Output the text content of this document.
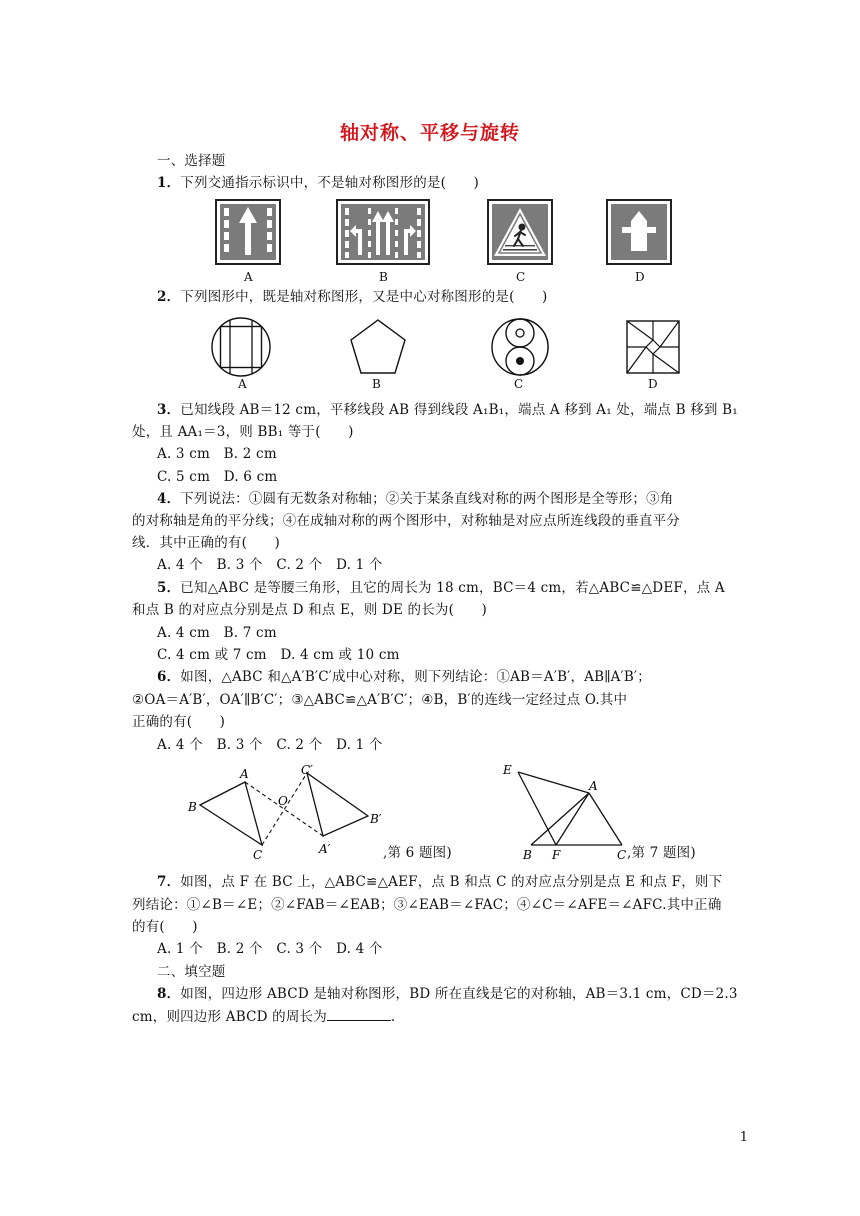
轴对称、平移与旋转
一、选择题
1．下列交通指示标识中，不是轴对称图形的是(　　)
A	B	C	D
2．下列图形中，既是轴对称图形，又是中心对称图形的是(　　)
A	B	C	D
3．已知线段 AB＝12 cm，平移线段 AB 得到线段 A₁B₁，端点 A 移到 A₁ 处，端点 B 移到 B₁
处，且 AA₁＝3，则 BB₁ 等于(　　)
A. 3 cm　B. 2 cm
C. 5 cm　D. 6 cm
4．下列说法：①圆有无数条对称轴；②关于某条直线对称的两个图形是全等形；③角
的对称轴是角的平分线；④在成轴对称的两个图形中，对称轴是对应点所连线段的垂直平分
线．其中正确的有(　　)
A. 4 个　B. 3 个　C. 2 个　D. 1 个
5．已知△ABC 是等腰三角形，且它的周长为 18 cm，BC＝4 cm，若△ABC≌△DEF，点 A
和点 B 的对应点分别是点 D 和点 E，则 DE 的长为(　　)
A. 4 cm　B. 7 cm
C. 4 cm 或 7 cm　D. 4 cm 或 10 cm
6．如图，△ABC 和△A′B′C′成中心对称，则下列结论：①AB＝A′B′，AB∥A′B′；
②OA＝A′B′，OA′∥B′C′；③△ABC≌△A′B′C′；④B，B′的连线一定经过点 O.其中
正确的有(　　)
A. 4 个　B. 3 个　C. 2 个　D. 1 个
A
B
C
O
A′
B′
C′
,第 6 题图)
E
A
B F	C ,第 7 题图)
7．如图，点 F 在 BC 上，△ABC≌△AEF，点 B 和点 C 的对应点分别是点 E 和点 F，则下
列结论：①∠B＝∠E；②∠FAB＝∠EAB；③∠EAB＝∠FAC；④∠C＝∠AFE＝∠AFC.其中正确
的有(　　)
A. 1 个　B. 2 个　C. 3 个　D. 4 个
二、填空题
8．如图，四边形 ABCD 是轴对称图形，BD 所在直线是它的对称轴，AB＝3.1 cm，CD＝2.3
cm，则四边形 ABCD 的周长为	.
1
